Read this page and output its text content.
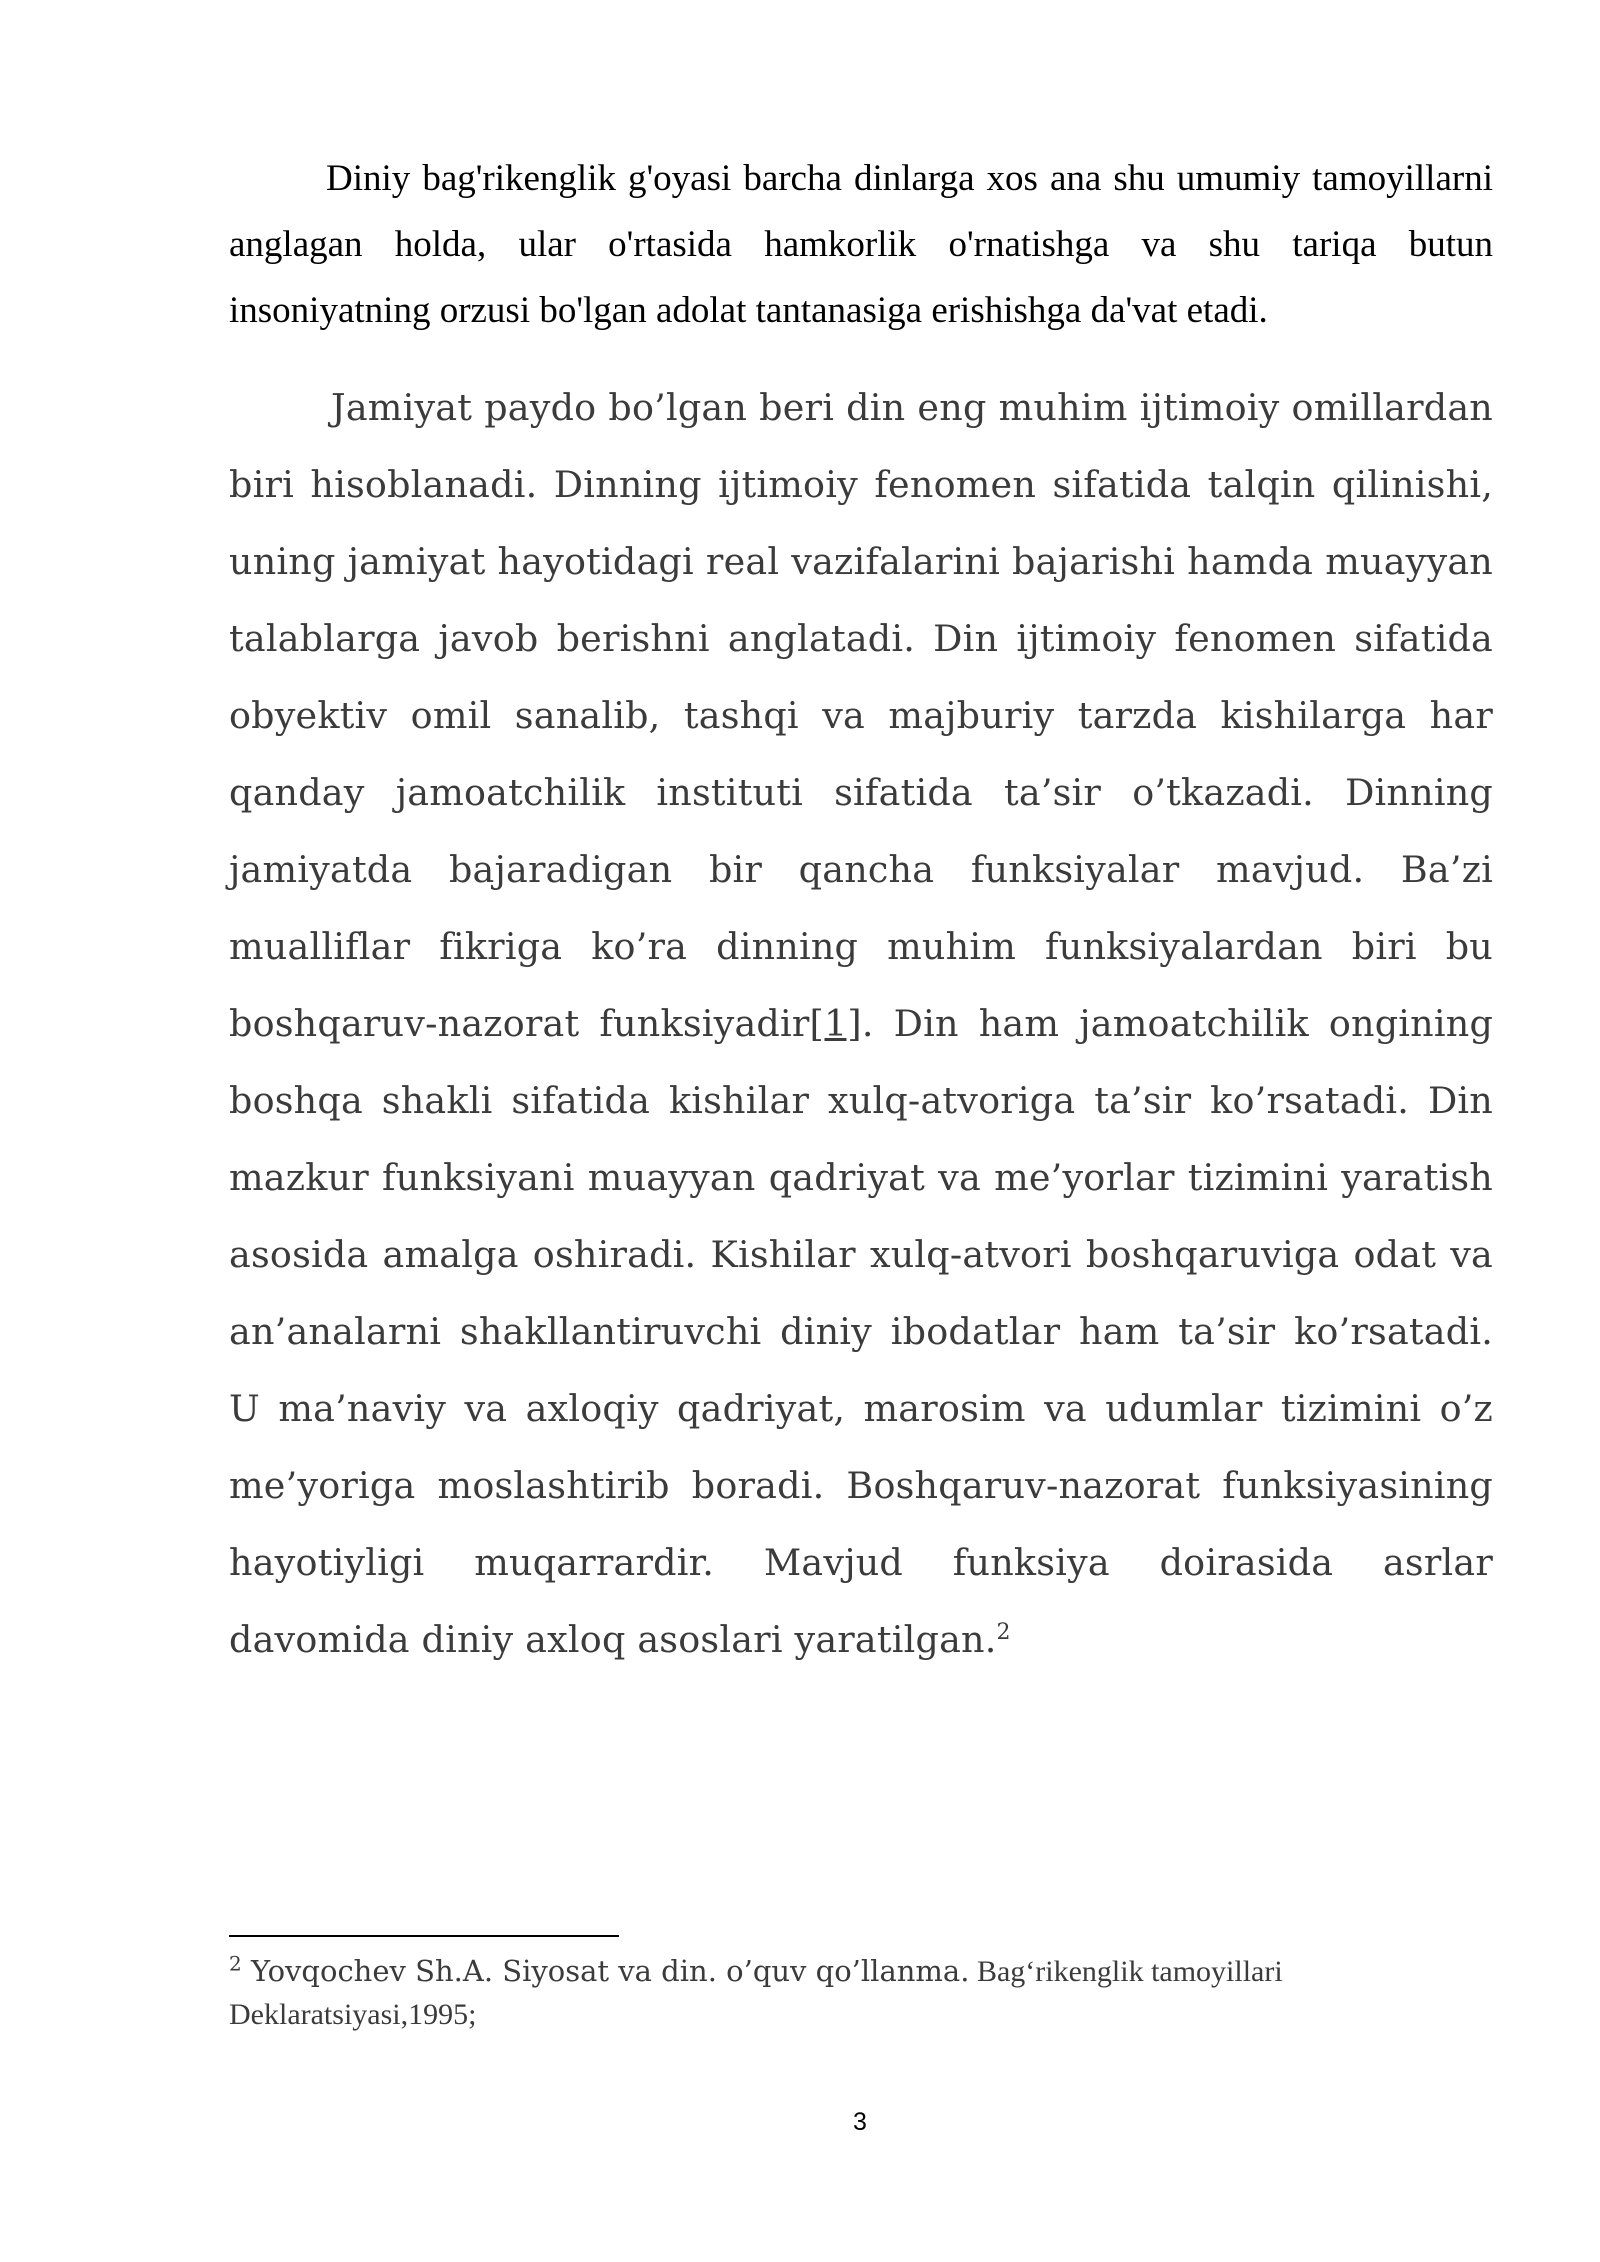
Diniy bag'rikenglik g'oyasi barcha dinlarga xos ana shu umumiy tamoyillarni anglagan holda, ular o'rtasida hamkorlik o'rnatishga va shu tariqa butun insoniyatning orzusi bo'lgan adolat tantanasiga erishishga da'vat etadi.

Jamiyat paydo bo’lgan beri din eng muhim ijtimoiy omillardan biri hisoblanadi. Dinning ijtimoiy fenomen sifatida talqin qilinishi, uning jamiyat hayotidagi real vazifalarini bajarishi hamda muayyan talablarga javob berishni anglatadi. Din ijtimoiy fenomen sifatida obyektiv omil sanalib, tashqi va majburiy tarzda kishilarga har qanday jamoatchilik instituti sifatida ta’sir o’tkazadi. Dinning jamiyatda bajaradigan bir qancha funksiyalar mavjud. Ba’zi mualliflar fikriga ko’ra dinning muhim funksiyalardan biri bu boshqaruv-nazorat funksiyadir[1]. Din ham jamoatchilik ongining boshqa shakli sifatida kishilar xulq-atvoriga ta’sir ko’rsatadi. Din mazkur funksiyani muayyan qadriyat va me’yorlar tizimini yaratish asosida amalga oshiradi. Kishilar xulq-atvori boshqaruviga odat va an’analarni shakllantiruvchi diniy ibodatlar ham ta’sir ko’rsatadi. U ma’naviy va axloqiy qadriyat, marosim va udumlar tizimini o’z me’yoriga moslashtirib boradi. Boshqaruv-nazorat funksiyasining hayotiyligi muqarrardir. Mavjud funksiya doirasida asrlar davomida diniy axloq asoslari yaratilgan.$^2$

$^2$ Yovqochev Sh.A. Siyosat va din. o’quv qo’llanma. Bag‘rikenglik tamoyillari Deklaratsiyasi,1995;

3
